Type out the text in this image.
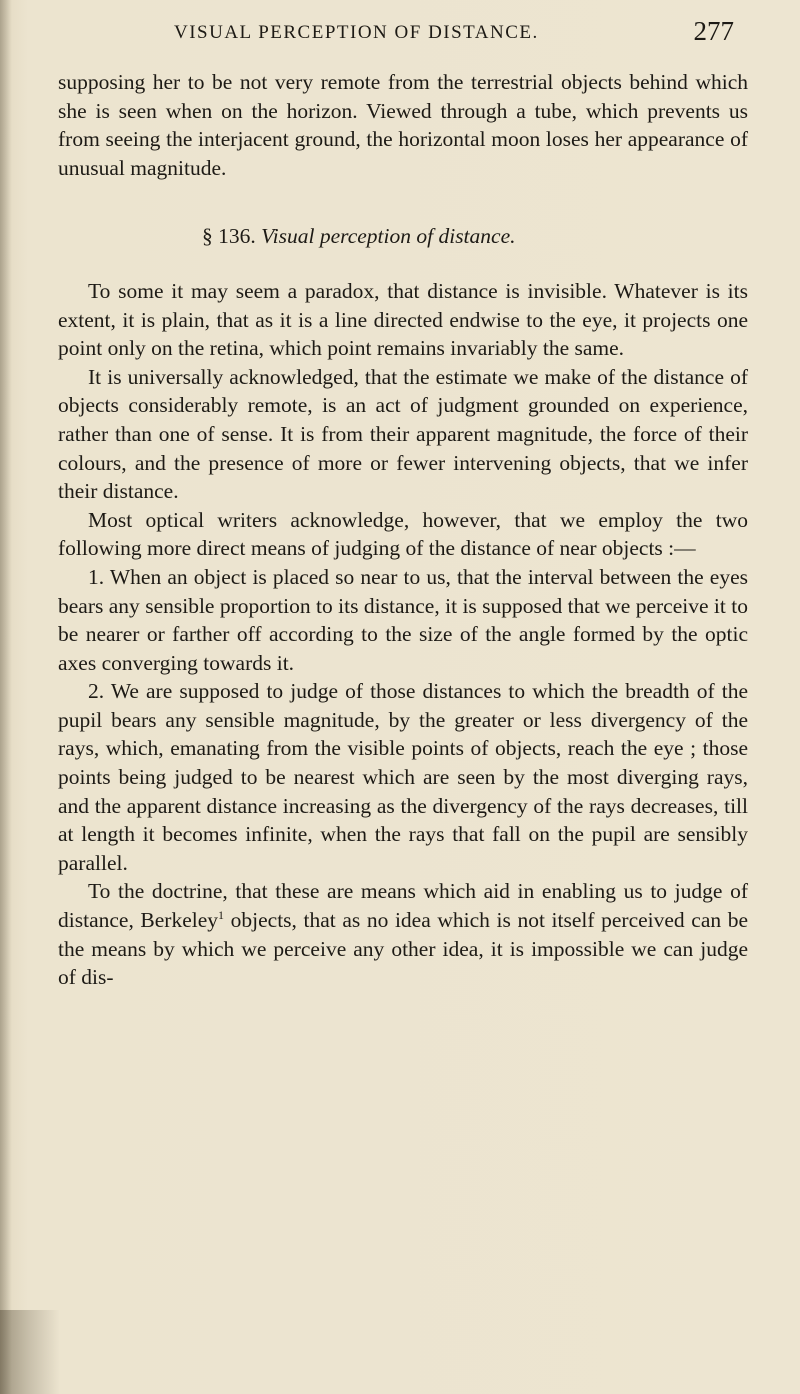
VISUAL PERCEPTION OF DISTANCE.	277

supposing her to be not very remote from the terrestrial objects behind which she is seen when on the horizon. Viewed through a tube, which prevents us from seeing the interjacent ground, the horizontal moon loses her appearance of unusual magnitude.

§ 136. Visual perception of distance.

To some it may seem a paradox, that distance is invisible. Whatever is its extent, it is plain, that as it is a line directed endwise to the eye, it projects one point only on the retina, which point remains invariably the same.

It is universally acknowledged, that the estimate we make of the distance of objects considerably remote, is an act of judgment grounded on experience, rather than one of sense. It is from their apparent magnitude, the force of their colours, and the presence of more or fewer intervening objects, that we infer their distance.

Most optical writers acknowledge, however, that we employ the two following more direct means of judging of the distance of near objects :—

1. When an object is placed so near to us, that the interval between the eyes bears any sensible proportion to its distance, it is supposed that we perceive it to be nearer or farther off according to the size of the angle formed by the optic axes converging towards it.

2. We are supposed to judge of those distances to which the breadth of the pupil bears any sensible magnitude, by the greater or less divergency of the rays, which, emanating from the visible points of objects, reach the eye ; those points being judged to be nearest which are seen by the most diverging rays, and the apparent distance increasing as the divergency of the rays decreases, till at length it becomes infinite, when the rays that fall on the pupil are sensibly parallel.

To the doctrine, that these are means which aid in enabling us to judge of distance, Berkeley$^1$ objects, that as no idea which is not itself perceived can be the means by which we perceive any other idea, it is impossible we can judge of dis-
